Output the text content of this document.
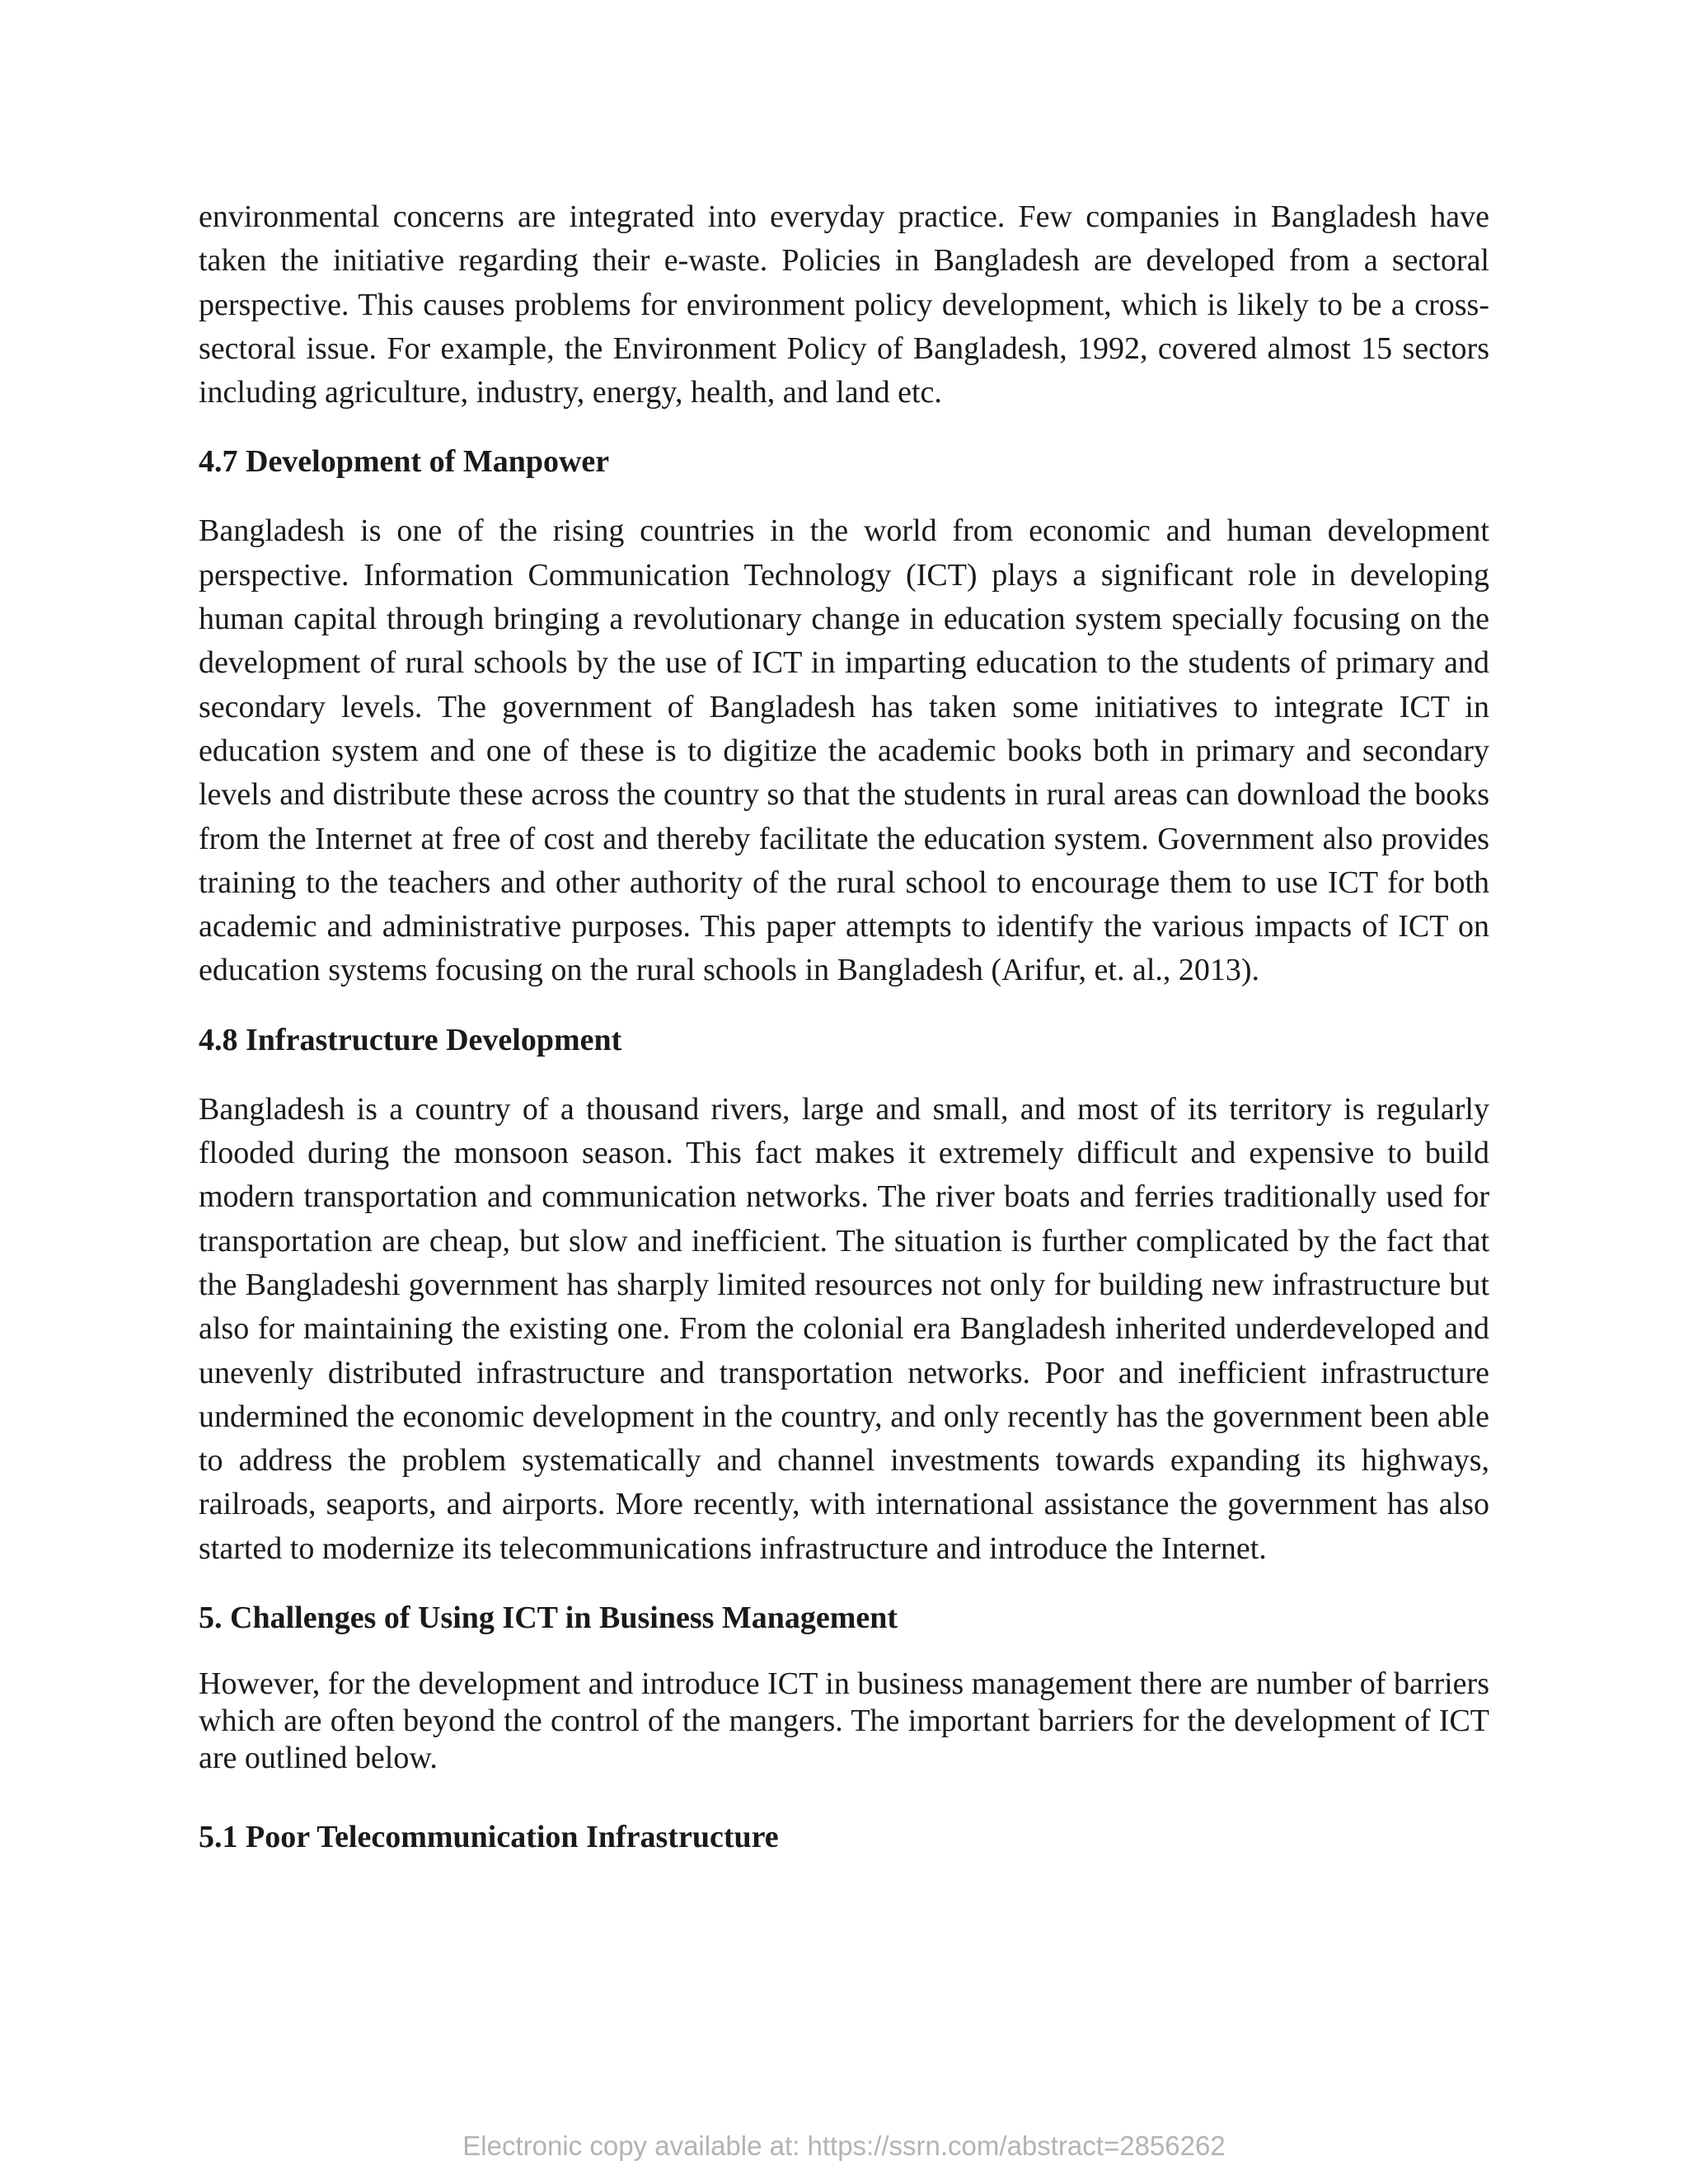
environmental concerns are integrated into everyday practice. Few companies in Bangladesh have taken the initiative regarding their e-waste. Policies in Bangladesh are developed from a sectoral perspective. This causes problems for environment policy development, which is likely to be a cross-sectoral issue. For example, the Environment Policy of Bangladesh, 1992, covered almost 15 sectors including agriculture, industry, energy, health, and land etc.

4.7 Development of Manpower

Bangladesh is one of the rising countries in the world from economic and human development perspective. Information Communication Technology (ICT) plays a significant role in developing human capital through bringing a revolutionary change in education system specially focusing on the development of rural schools by the use of ICT in imparting education to the students of primary and secondary levels. The government of Bangladesh has taken some initiatives to integrate ICT in education system and one of these is to digitize the academic books both in primary and secondary levels and distribute these across the country so that the students in rural areas can download the books from the Internet at free of cost and thereby facilitate the education system. Government also provides training to the teachers and other authority of the rural school to encourage them to use ICT for both academic and administrative purposes. This paper attempts to identify the various impacts of ICT on education systems focusing on the rural schools in Bangladesh (Arifur, et. al., 2013).

4.8 Infrastructure Development

Bangladesh is a country of a thousand rivers, large and small, and most of its territory is regularly flooded during the monsoon season. This fact makes it extremely difficult and expensive to build modern transportation and communication networks. The river boats and ferries traditionally used for transportation are cheap, but slow and inefficient. The situation is further complicated by the fact that the Bangladeshi government has sharply limited resources not only for building new infrastructure but also for maintaining the existing one. From the colonial era Bangladesh inherited underdeveloped and unevenly distributed infrastructure and transportation networks. Poor and inefficient infrastructure undermined the economic development in the country, and only recently has the government been able to address the problem systematically and channel investments towards expanding its highways, railroads, seaports, and airports. More recently, with international assistance the government has also started to modernize its telecommunications infrastructure and introduce the Internet.

5. Challenges of Using ICT in Business Management

However, for the development and introduce ICT in business management there are number of barriers which are often beyond the control of the mangers. The important barriers for the development of ICT are outlined below.

5.1 Poor Telecommunication Infrastructure
Electronic copy available at: https://ssrn.com/abstract=2856262
